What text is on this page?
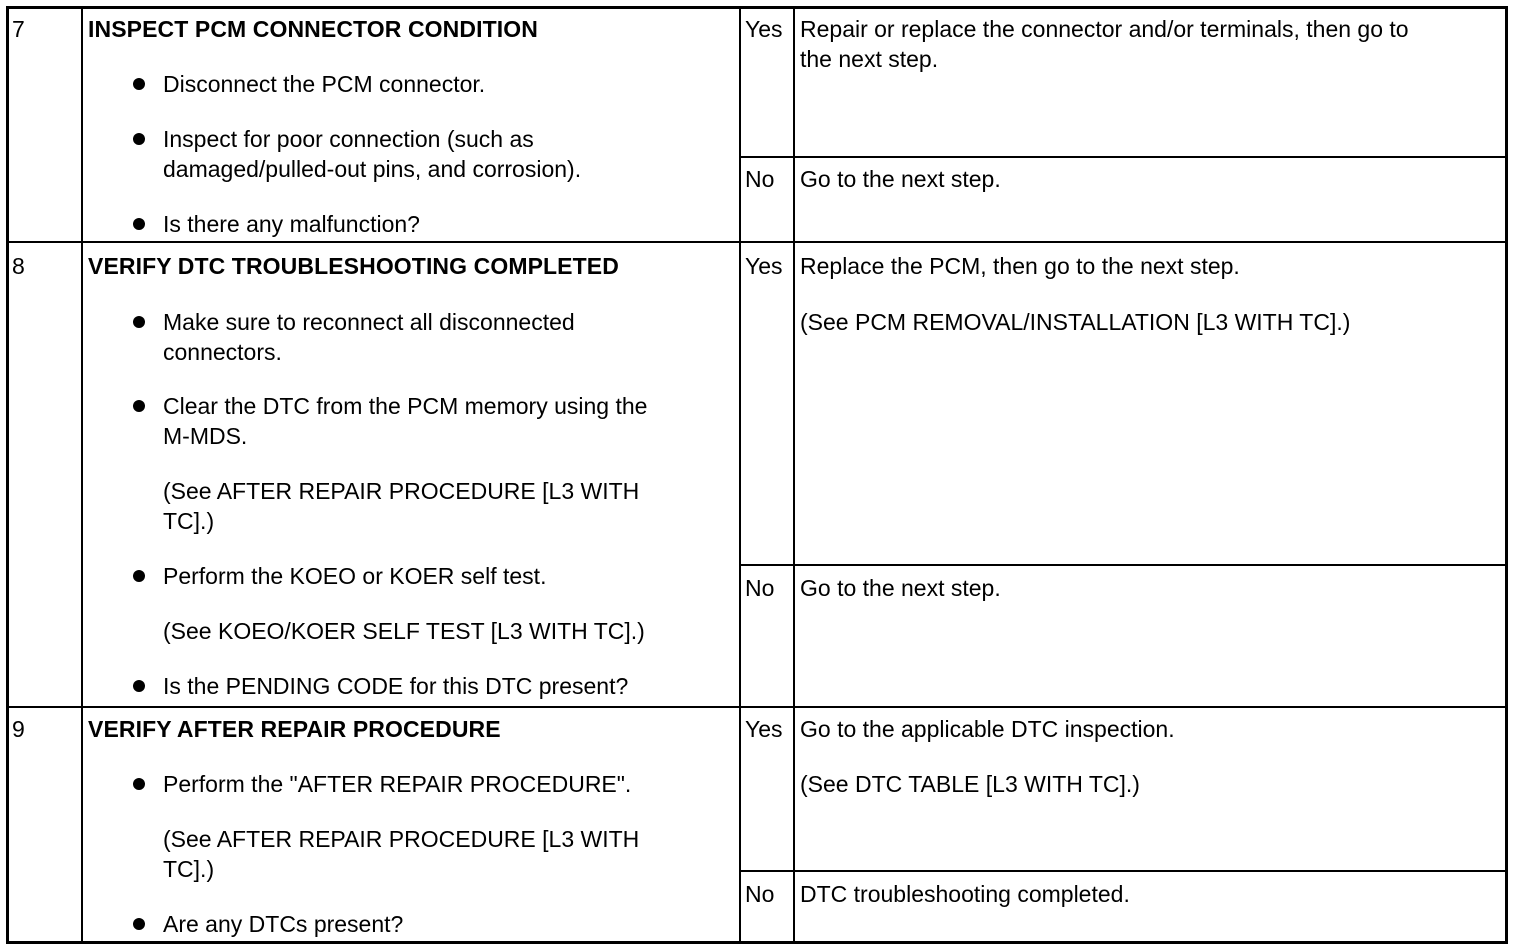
7	INSPECT PCM CONNECTOR CONDITION
Disconnect the PCM connector.
Inspect for poor connection (such as
damaged/pulled-out pins, and corrosion).
Is there any malfunction?
Yes Repair or replace the connector and/or terminals, then go to
the next step.
No Go to the next step.
8	VERIFY DTC TROUBLESHOOTING COMPLETED
Make sure to reconnect all disconnected
connectors.
Clear the DTC from the PCM memory using the
M-MDS.
(See AFTER REPAIR PROCEDURE [L3 WITH
TC].)
Perform the KOEO or KOER self test.
(See KOEO/KOER SELF TEST [L3 WITH TC].)
Is the PENDING CODE for this DTC present?
Yes Replace the PCM, then go to the next step.
(See PCM REMOVAL/INSTALLATION [L3 WITH TC].)
No Go to the next step.
9	VERIFY AFTER REPAIR PROCEDURE
Perform the "AFTER REPAIR PROCEDURE".
(See AFTER REPAIR PROCEDURE [L3 WITH
TC].)
Are any DTCs present?
Yes Go to the applicable DTC inspection.
(See DTC TABLE [L3 WITH TC].)
No DTC troubleshooting completed.
